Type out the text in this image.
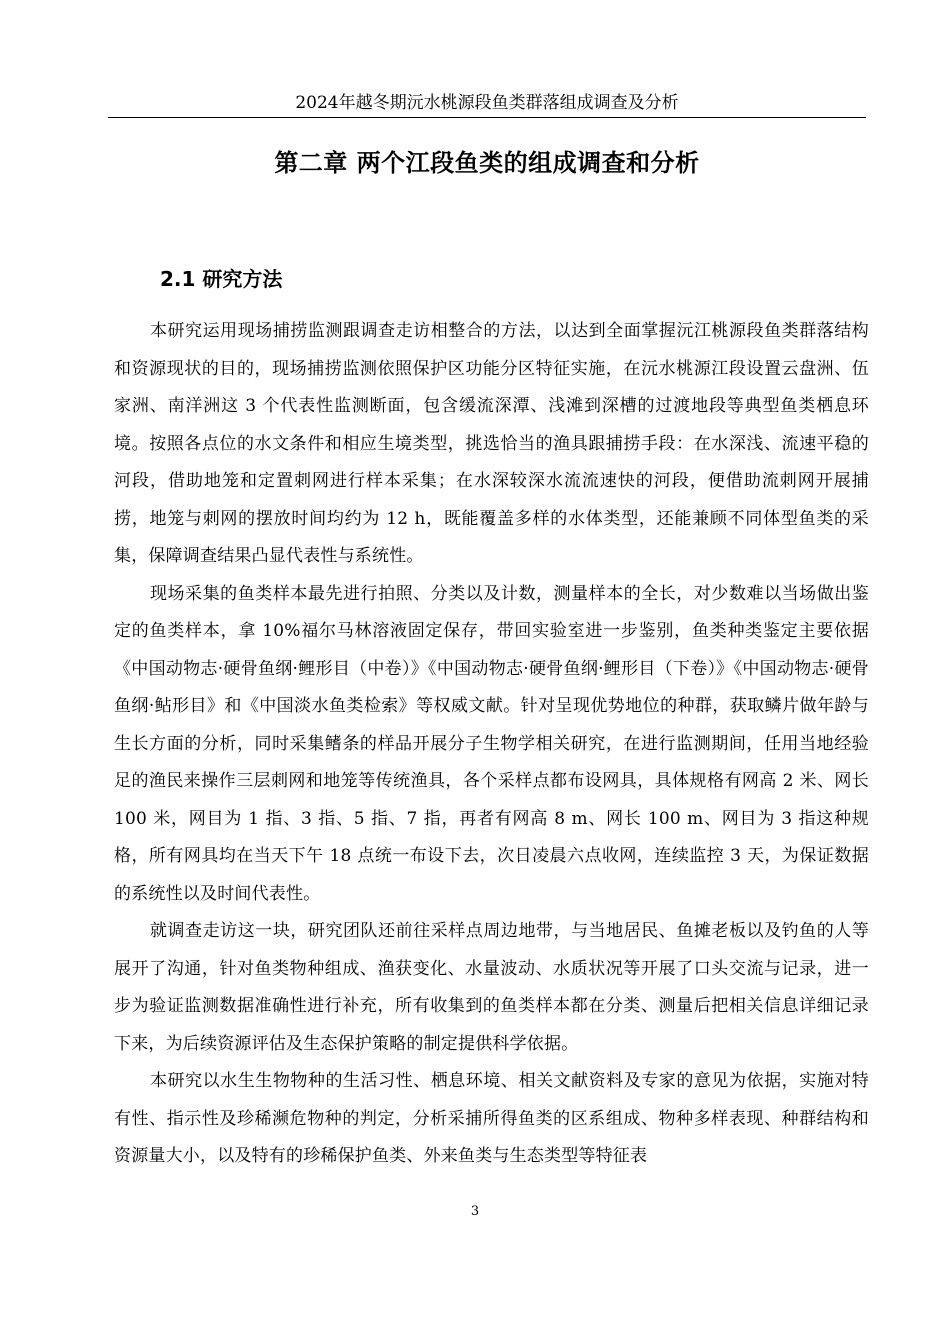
2024年越冬期沅水桃源段鱼类群落组成调查及分析
第二章 两个江段鱼类的组成调查和分析
2.1 研究方法

本研究运用现场捕捞监测跟调查走访相整合的方法，以达到全面掌握沅江桃源段鱼类群落结构和资源现状的目的，现场捕捞监测依照保护区功能分区特征实施，在沅水桃源江段设置云盘洲、伍家洲、南洋洲这 3 个代表性监测断面，包含缓流深潭、浅滩到深槽的过渡地段等典型鱼类栖息环境。按照各点位的水文条件和相应生境类型，挑选恰当的渔具跟捕捞手段：在水深浅、流速平稳的河段，借助地笼和定置刺网进行样本采集；在水深较深水流流速快的河段，便借助流刺网开展捕捞，地笼与刺网的摆放时间均约为 12 h，既能覆盖多样的水体类型，还能兼顾不同体型鱼类的采集，保障调查结果凸显代表性与系统性。

现场采集的鱼类样本最先进行拍照、分类以及计数，测量样本的全长，对少数难以当场做出鉴定的鱼类样本，拿 10%福尔马林溶液固定保存，带回实验室进一步鉴别，鱼类种类鉴定主要依据《中国动物志·硬骨鱼纲·鲤形目（中卷）》《中国动物志·硬骨鱼纲·鲤形目（下卷）》《中国动物志·硬骨鱼纲·鲇形目》和《中国淡水鱼类检索》等权威文献。针对呈现优势地位的种群，获取鳞片做年龄与生长方面的分析，同时采集鳍条的样品开展分子生物学相关研究，在进行监测期间，任用当地经验足的渔民来操作三层刺网和地笼等传统渔具，各个采样点都布设网具，具体规格有网高 2 米、网长 100 米，网目为 1 指、3 指、5 指、7 指，再者有网高 8 m、网长 100 m、网目为 3 指这种规格，所有网具均在当天下午 18 点统一布设下去，次日凌晨六点收网，连续监控 3 天，为保证数据的系统性以及时间代表性。

就调查走访这一块，研究团队还前往采样点周边地带，与当地居民、鱼摊老板以及钓鱼的人等展开了沟通，针对鱼类物种组成、渔获变化、水量波动、水质状况等开展了口头交流与记录，进一步为验证监测数据准确性进行补充，所有收集到的鱼类样本都在分类、测量后把相关信息详细记录下来，为后续资源评估及生态保护策略的制定提供科学依据。

本研究以水生生物物种的生活习性、栖息环境、相关文献资料及专家的意见为依据，实施对特有性、指示性及珍稀濒危物种的判定，分析采捕所得鱼类的区系组成、物种多样表现、种群结构和资源量大小，以及特有的珍稀保护鱼类、外来鱼类与生态类型等特征表

3
